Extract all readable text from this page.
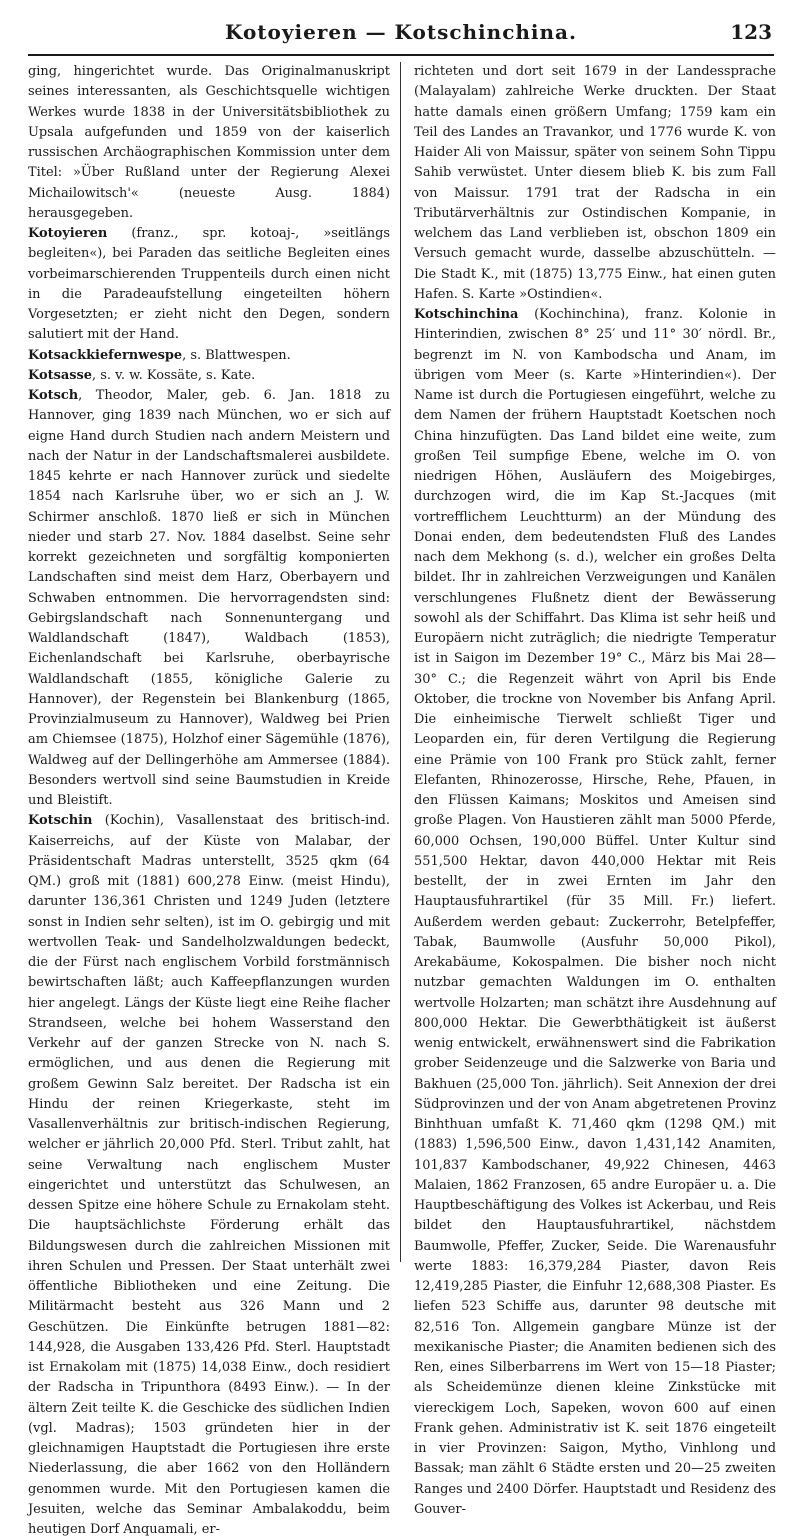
Kotoyieren — Kotschinchina.	123

ging, hingerichtet wurde. Das Originalmanuskript seines interessanten, als Geschichtsquelle wichtigen Werkes wurde 1838 in der Universitätsbibliothek zu Upsala aufgefunden und 1859 von der kaiserlich russischen Archäographischen Kommission unter dem Titel: »Über Rußland unter der Regierung Alexei Michailowitsch'« (neueste Ausg. 1884) herausgegeben.

Kotoyieren (franz., spr. kotoaj-, »seitlängs begleiten«), bei Paraden das seitliche Begleiten eines vorbeimarschierenden Truppenteils durch einen nicht in die Paradeaufstellung eingeteilten höhern Vorgesetzten; er zieht nicht den Degen, sondern salutiert mit der Hand.

Kotsackkiefernwespe, s. Blattwespen.

Kotsasse, s. v. w. Kossäte, s. Kate.

Kotsch, Theodor, Maler, geb. 6. Jan. 1818 zu Hannover, ging 1839 nach München, wo er sich auf eigne Hand durch Studien nach andern Meistern und nach der Natur in der Landschaftsmalerei ausbildete. 1845 kehrte er nach Hannover zurück und siedelte 1854 nach Karlsruhe über, wo er sich an J. W. Schirmer anschloß. 1870 ließ er sich in München nieder und starb 27. Nov. 1884 daselbst. Seine sehr korrekt gezeichneten und sorgfältig komponierten Landschaften sind meist dem Harz, Oberbayern und Schwaben entnommen. Die hervorragendsten sind: Gebirgslandschaft nach Sonnenuntergang und Waldlandschaft (1847), Waldbach (1853), Eichenlandschaft bei Karlsruhe, oberbayrische Waldlandschaft (1855, königliche Galerie zu Hannover), der Regenstein bei Blankenburg (1865, Provinzialmuseum zu Hannover), Waldweg bei Prien am Chiemsee (1875), Holzhof einer Sägemühle (1876), Waldweg auf der Dellingerhöhe am Ammersee (1884). Besonders wertvoll sind seine Baumstudien in Kreide und Bleistift.

Kotschin (Kochin), Vasallenstaat des britisch-ind. Kaiserreichs, auf der Küste von Malabar, der Präsidentschaft Madras unterstellt, 3525 qkm (64 QM.) groß mit (1881) 600,278 Einw. (meist Hindu), darunter 136,361 Christen und 1249 Juden (letztere sonst in Indien sehr selten), ist im O. gebirgig und mit wertvollen Teak- und Sandelholzwaldungen bedeckt, die der Fürst nach englischem Vorbild forstmännisch bewirtschaften läßt; auch Kaffeepflanzungen wurden hier angelegt. Längs der Küste liegt eine Reihe flacher Strandseen, welche bei hohem Wasserstand den Verkehr auf der ganzen Strecke von N. nach S. ermöglichen, und aus denen die Regierung mit großem Gewinn Salz bereitet. Der Radscha ist ein Hindu der reinen Kriegerkaste, steht im Vasallenverhältnis zur britisch-indischen Regierung, welcher er jährlich 20,000 Pfd. Sterl. Tribut zahlt, hat seine Verwaltung nach englischem Muster eingerichtet und unterstützt das Schulwesen, an dessen Spitze eine höhere Schule zu Ernakolam steht. Die hauptsächlichste Förderung erhält das Bildungswesen durch die zahlreichen Missionen mit ihren Schulen und Pressen. Der Staat unterhält zwei öffentliche Bibliotheken und eine Zeitung. Die Militärmacht besteht aus 326 Mann und 2 Geschützen. Die Einkünfte betrugen 1881—82: 144,928, die Ausgaben 133,426 Pfd. Sterl. Hauptstadt ist Ernakolam mit (1875) 14,038 Einw., doch residiert der Radscha in Tripunthora (8493 Einw.). — In der ältern Zeit teilte K. die Geschicke des südlichen Indien (vgl. Madras); 1503 gründeten hier in der gleichnamigen Hauptstadt die Portugiesen ihre erste Niederlassung, die aber 1662 von den Holländern genommen wurde. Mit den Portugiesen kamen die Jesuiten, welche das Seminar Ambalakoddu, beim heutigen Dorf Anquamali, er-

richteten und dort seit 1679 in der Landessprache (Malayalam) zahlreiche Werke druckten. Der Staat hatte damals einen größern Umfang; 1759 kam ein Teil des Landes an Travankor, und 1776 wurde K. von Haider Ali von Maissur, später von seinem Sohn Tippu Sahib verwüstet. Unter diesem blieb K. bis zum Fall von Maissur. 1791 trat der Radscha in ein Tributärverhältnis zur Ostindischen Kompanie, in welchem das Land verblieben ist, obschon 1809 ein Versuch gemacht wurde, dasselbe abzuschütteln. — Die Stadt K., mit (1875) 13,775 Einw., hat einen guten Hafen. S. Karte »Ostindien«.

Kotschinchina (Kochinchina), franz. Kolonie in Hinterindien, zwischen 8° 25′ und 11° 30′ nördl. Br., begrenzt im N. von Kambodscha und Anam, im übrigen vom Meer (s. Karte »Hinterindien«). Der Name ist durch die Portugiesen eingeführt, welche zu dem Namen der frühern Hauptstadt Koetschen noch China hinzufügten. Das Land bildet eine weite, zum großen Teil sumpfige Ebene, welche im O. von niedrigen Höhen, Ausläufern des Moigebirges, durchzogen wird, die im Kap St.-Jacques (mit vortrefflichem Leuchtturm) an der Mündung des Donai enden, dem bedeutendsten Fluß des Landes nach dem Mekhong (s. d.), welcher ein großes Delta bildet. Ihr in zahlreichen Verzweigungen und Kanälen verschlungenes Flußnetz dient der Bewässerung sowohl als der Schiffahrt. Das Klima ist sehr heiß und Europäern nicht zuträglich; die niedrigte Temperatur ist in Saigon im Dezember 19° C., März bis Mai 28—30° C.; die Regenzeit währt von April bis Ende Oktober, die trockne von November bis Anfang April. Die einheimische Tierwelt schließt Tiger und Leoparden ein, für deren Vertilgung die Regierung eine Prämie von 100 Frank pro Stück zahlt, ferner Elefanten, Rhinozerosse, Hirsche, Rehe, Pfauen, in den Flüssen Kaimans; Moskitos und Ameisen sind große Plagen. Von Haustieren zählt man 5000 Pferde, 60,000 Ochsen, 190,000 Büffel. Unter Kultur sind 551,500 Hektar, davon 440,000 Hektar mit Reis bestellt, der in zwei Ernten im Jahr den Hauptausfuhrartikel (für 35 Mill. Fr.) liefert. Außerdem werden gebaut: Zuckerrohr, Betelpfeffer, Tabak, Baumwolle (Ausfuhr 50,000 Pikol), Arekabäume, Kokospalmen. Die bisher noch nicht nutzbar gemachten Waldungen im O. enthalten wertvolle Holzarten; man schätzt ihre Ausdehnung auf 800,000 Hektar. Die Gewerbthätigkeit ist äußerst wenig entwickelt, erwähnenswert sind die Fabrikation grober Seidenzeuge und die Salzwerke von Baria und Bakhuen (25,000 Ton. jährlich). Seit Annexion der drei Südprovinzen und der von Anam abgetretenen Provinz Binhthuan umfaßt K. 71,460 qkm (1298 QM.) mit (1883) 1,596,500 Einw., davon 1,431,142 Anamiten, 101,837 Kambodschaner, 49,922 Chinesen, 4463 Malaien, 1862 Franzosen, 65 andre Europäer u. a. Die Hauptbeschäftigung des Volkes ist Ackerbau, und Reis bildet den Hauptausfuhrartikel, nächstdem Baumwolle, Pfeffer, Zucker, Seide. Die Warenausfuhr werte 1883: 16,379,284 Piaster, davon Reis 12,419,285 Piaster, die Einfuhr 12,688,308 Piaster. Es liefen 523 Schiffe aus, darunter 98 deutsche mit 82,516 Ton. Allgemein gangbare Münze ist der mexikanische Piaster; die Anamiten bedienen sich des Ren, eines Silberbarrens im Wert von 15—18 Piaster; als Scheidemünze dienen kleine Zinkstücke mit viereckigem Loch, Sapeken, wovon 600 auf einen Frank gehen. Administrativ ist K. seit 1876 eingeteilt in vier Provinzen: Saigon, Mytho, Vinhlong und Bassak; man zählt 6 Städte ersten und 20—25 zweiten Ranges und 2400 Dörfer. Hauptstadt und Residenz des Gouver-
